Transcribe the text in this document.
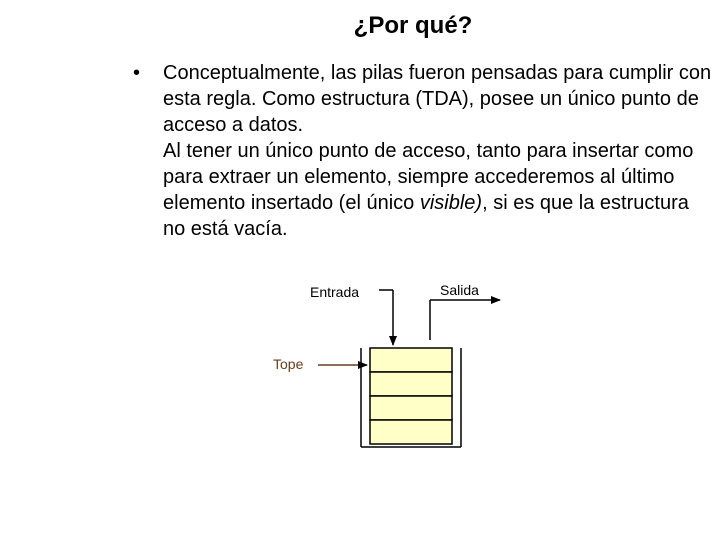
¿Por qué?
• Conceptualmente, las pilas fueron pensadas para cumplir con esta regla. Como estructura (TDA), posee un único punto de acceso a datos.

Al tener un único punto de acceso, tanto para insertar como para extraer un elemento, siempre accederemos al último elemento insertado (el único visible), si es que la estructura no está vacía.

Entrada	Salida
Tope
